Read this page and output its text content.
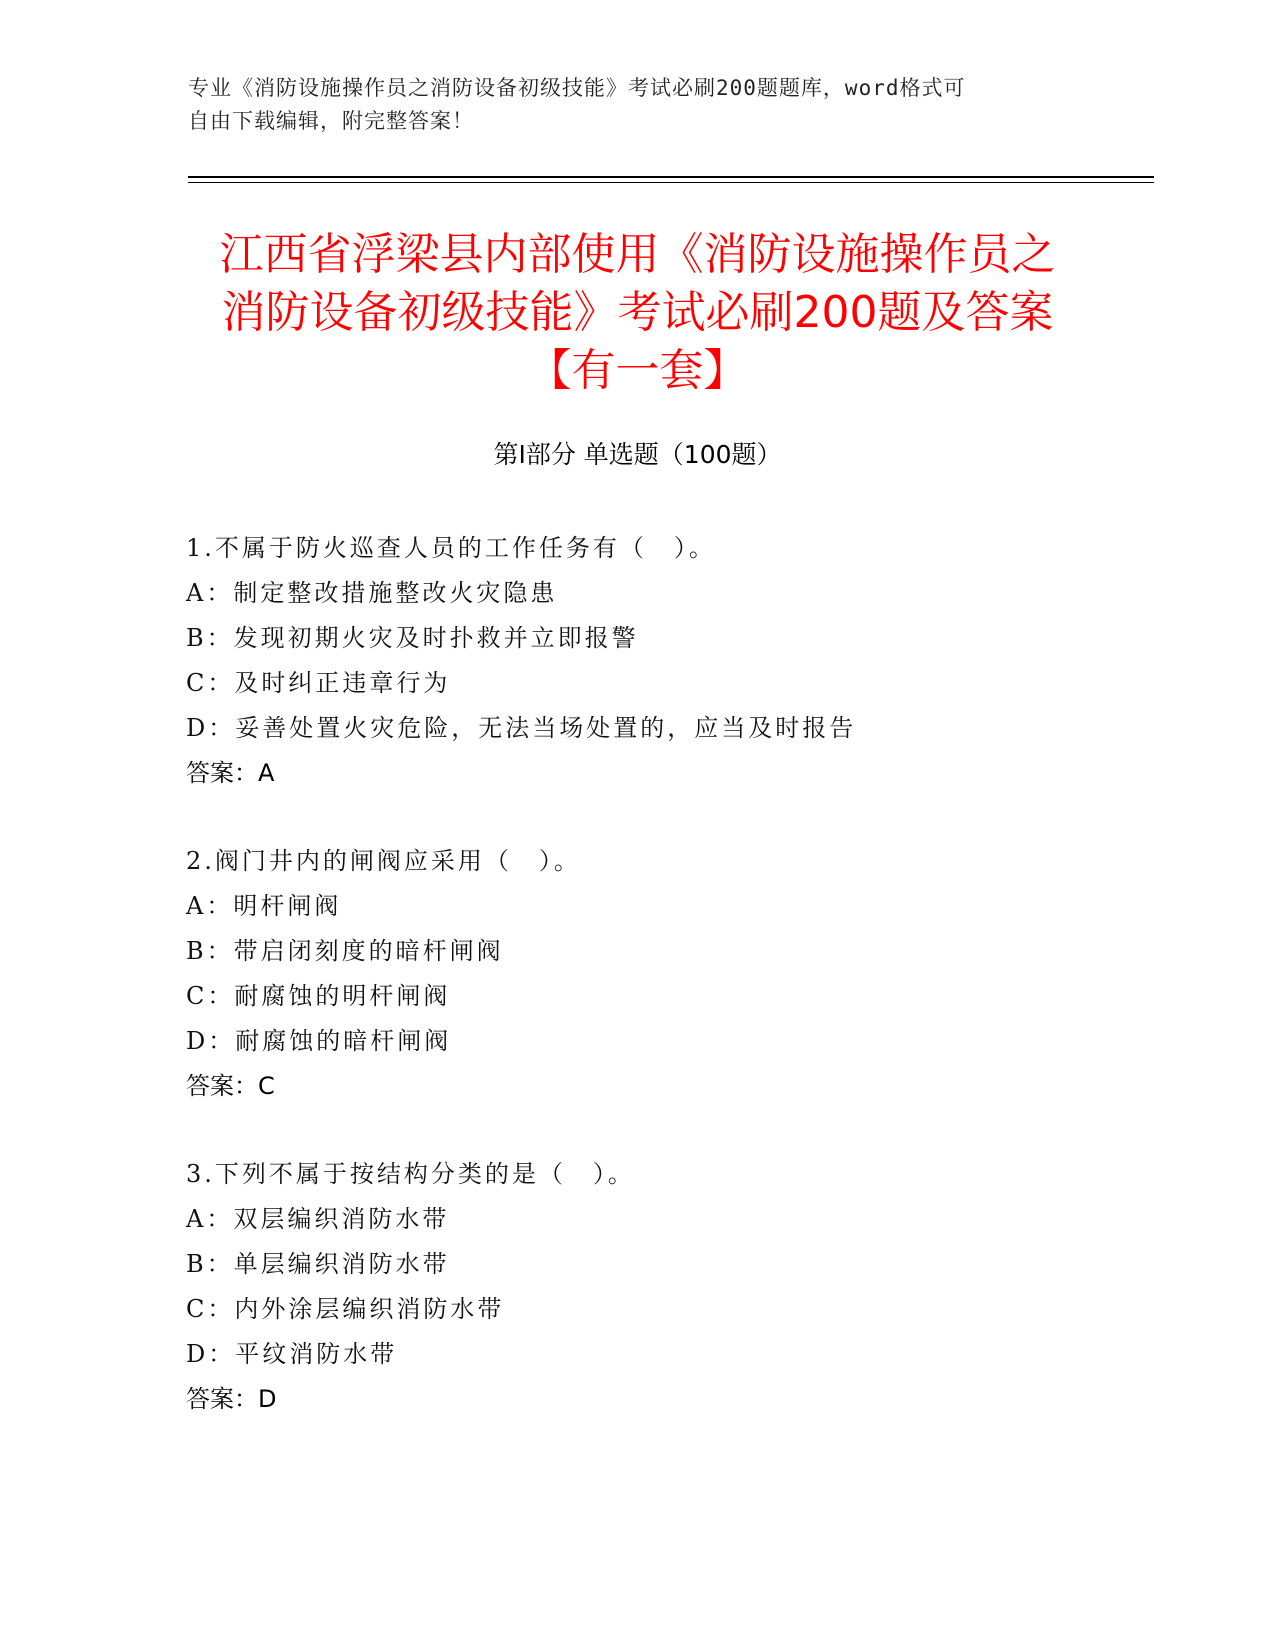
专业《消防设施操作员之消防设备初级技能》考试必刷200题题库，word格式可
自由下载编辑，附完整答案！
江西省浮梁县内部使用《消防设施操作员之
消防设备初级技能》考试必刷200题及答案
【有一套】
第Ⅰ部分 单选题（100题）
1.不属于防火巡查人员的工作任务有（　）。
A：制定整改措施整改火灾隐患
B：发现初期火灾及时扑救并立即报警
C：及时纠正违章行为
D：妥善处置火灾危险，无法当场处置的，应当及时报告
答案：A
2.阀门井内的闸阀应采用（　）。
A：明杆闸阀
B：带启闭刻度的暗杆闸阀
C：耐腐蚀的明杆闸阀
D：耐腐蚀的暗杆闸阀
答案：C
3.下列不属于按结构分类的是（　）。
A：双层编织消防水带
B：单层编织消防水带
C：内外涂层编织消防水带
D：平纹消防水带
答案：D
